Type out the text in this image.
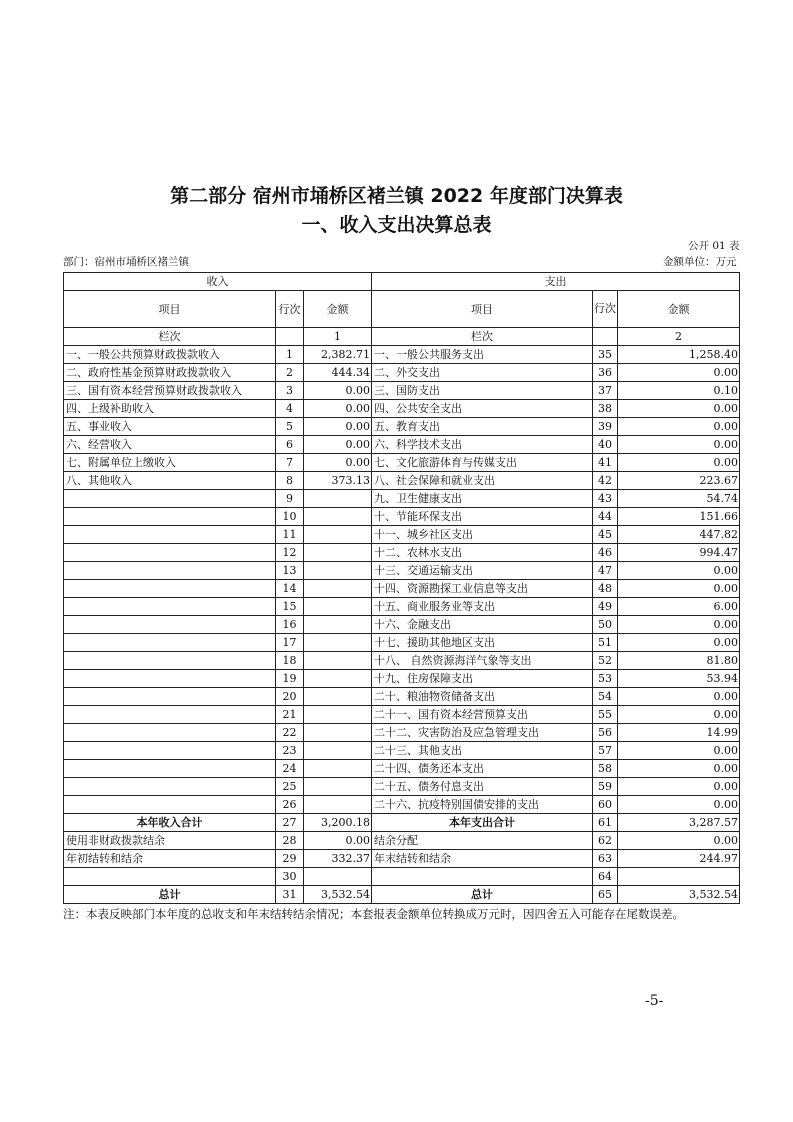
第二部分 宿州市埇桥区褚兰镇 2022 年度部门决算表
一、收入支出决算总表
公开 01 表
部门：宿州市埇桥区褚兰镇	金额单位：万元
收入			支出		
项目	行次	金额	项目	行次	金额
栏次		1	栏次		2
一、一般公共预算财政拨款收入	1	2,382.71	一、一般公共服务支出	35	1,258.40
二、政府性基金预算财政拨款收入	2	444.34	二、外交支出	36	0.00
三、国有资本经营预算财政拨款收入	3	0.00	三、国防支出	37	0.10
四、上级补助收入	4	0.00	四、公共安全支出	38	0.00
五、事业收入	5	0.00	五、教育支出	39	0.00
六、经营收入	6	0.00	六、科学技术支出	40	0.00
七、附属单位上缴收入	7	0.00	七、文化旅游体育与传媒支出	41	0.00
八、其他收入	8	373.13	八、社会保障和就业支出	42	223.67
	9		九、卫生健康支出	43	54.74
	10		十、节能环保支出	44	151.66
	11		十一、城乡社区支出	45	447.82
	12		十二、农林水支出	46	994.47
	13		十三、交通运输支出	47	0.00
	14		十四、资源勘探工业信息等支出	48	0.00
	15		十五、商业服务业等支出	49	6.00
	16		十六、金融支出	50	0.00
	17		十七、援助其他地区支出	51	0.00
	18		十八、 自然资源海洋气象等支出	52	81.80
	19		十九、住房保障支出	53	53.94
	20		二十、粮油物资储备支出	54	0.00
	21		二十一、国有资本经营预算支出	55	0.00
	22		二十二、灾害防治及应急管理支出	56	14.99
	23		二十三、其他支出	57	0.00
	24		二十四、债务还本支出	58	0.00
	25		二十五、债务付息支出	59	0.00
	26		二十六、抗疫特别国债安排的支出	60	0.00
本年收入合计	27	3,200.18	本年支出合计	61	3,287.57
使用非财政拨款结余	28	0.00	结余分配	62	0.00
年初结转和结余	29	332.37	年末结转和结余	63	244.97
	30			64	
总计	31	3,532.54	总计	65	3,532.54
注：本表反映部门本年度的总收支和年末结转结余情况；本套报表金额单位转换成万元时，因四舍五入可能存在尾数误差。
-5-
